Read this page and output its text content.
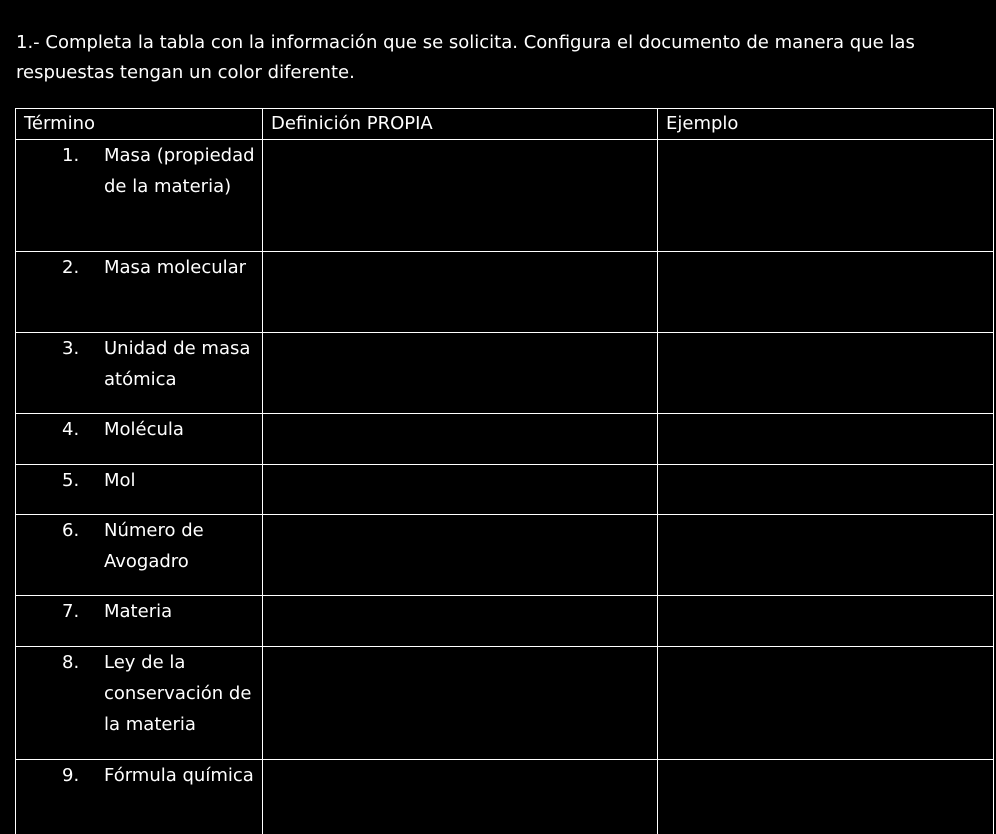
1.- Completa la tabla con la información que se solicita. Configura el documento de manera que las respuestas tengan un color diferente.
Término	Definición PROPIA	Ejemplo

1. Masa (propiedad de la materia)		

2. Masa molecular		

3. Unidad de masa atómica		

4. Molécula		

5. Mol		

6. Número de Avogadro		

7. Materia		

8. Ley de la conservación de la materia		

9. Fórmula química		
